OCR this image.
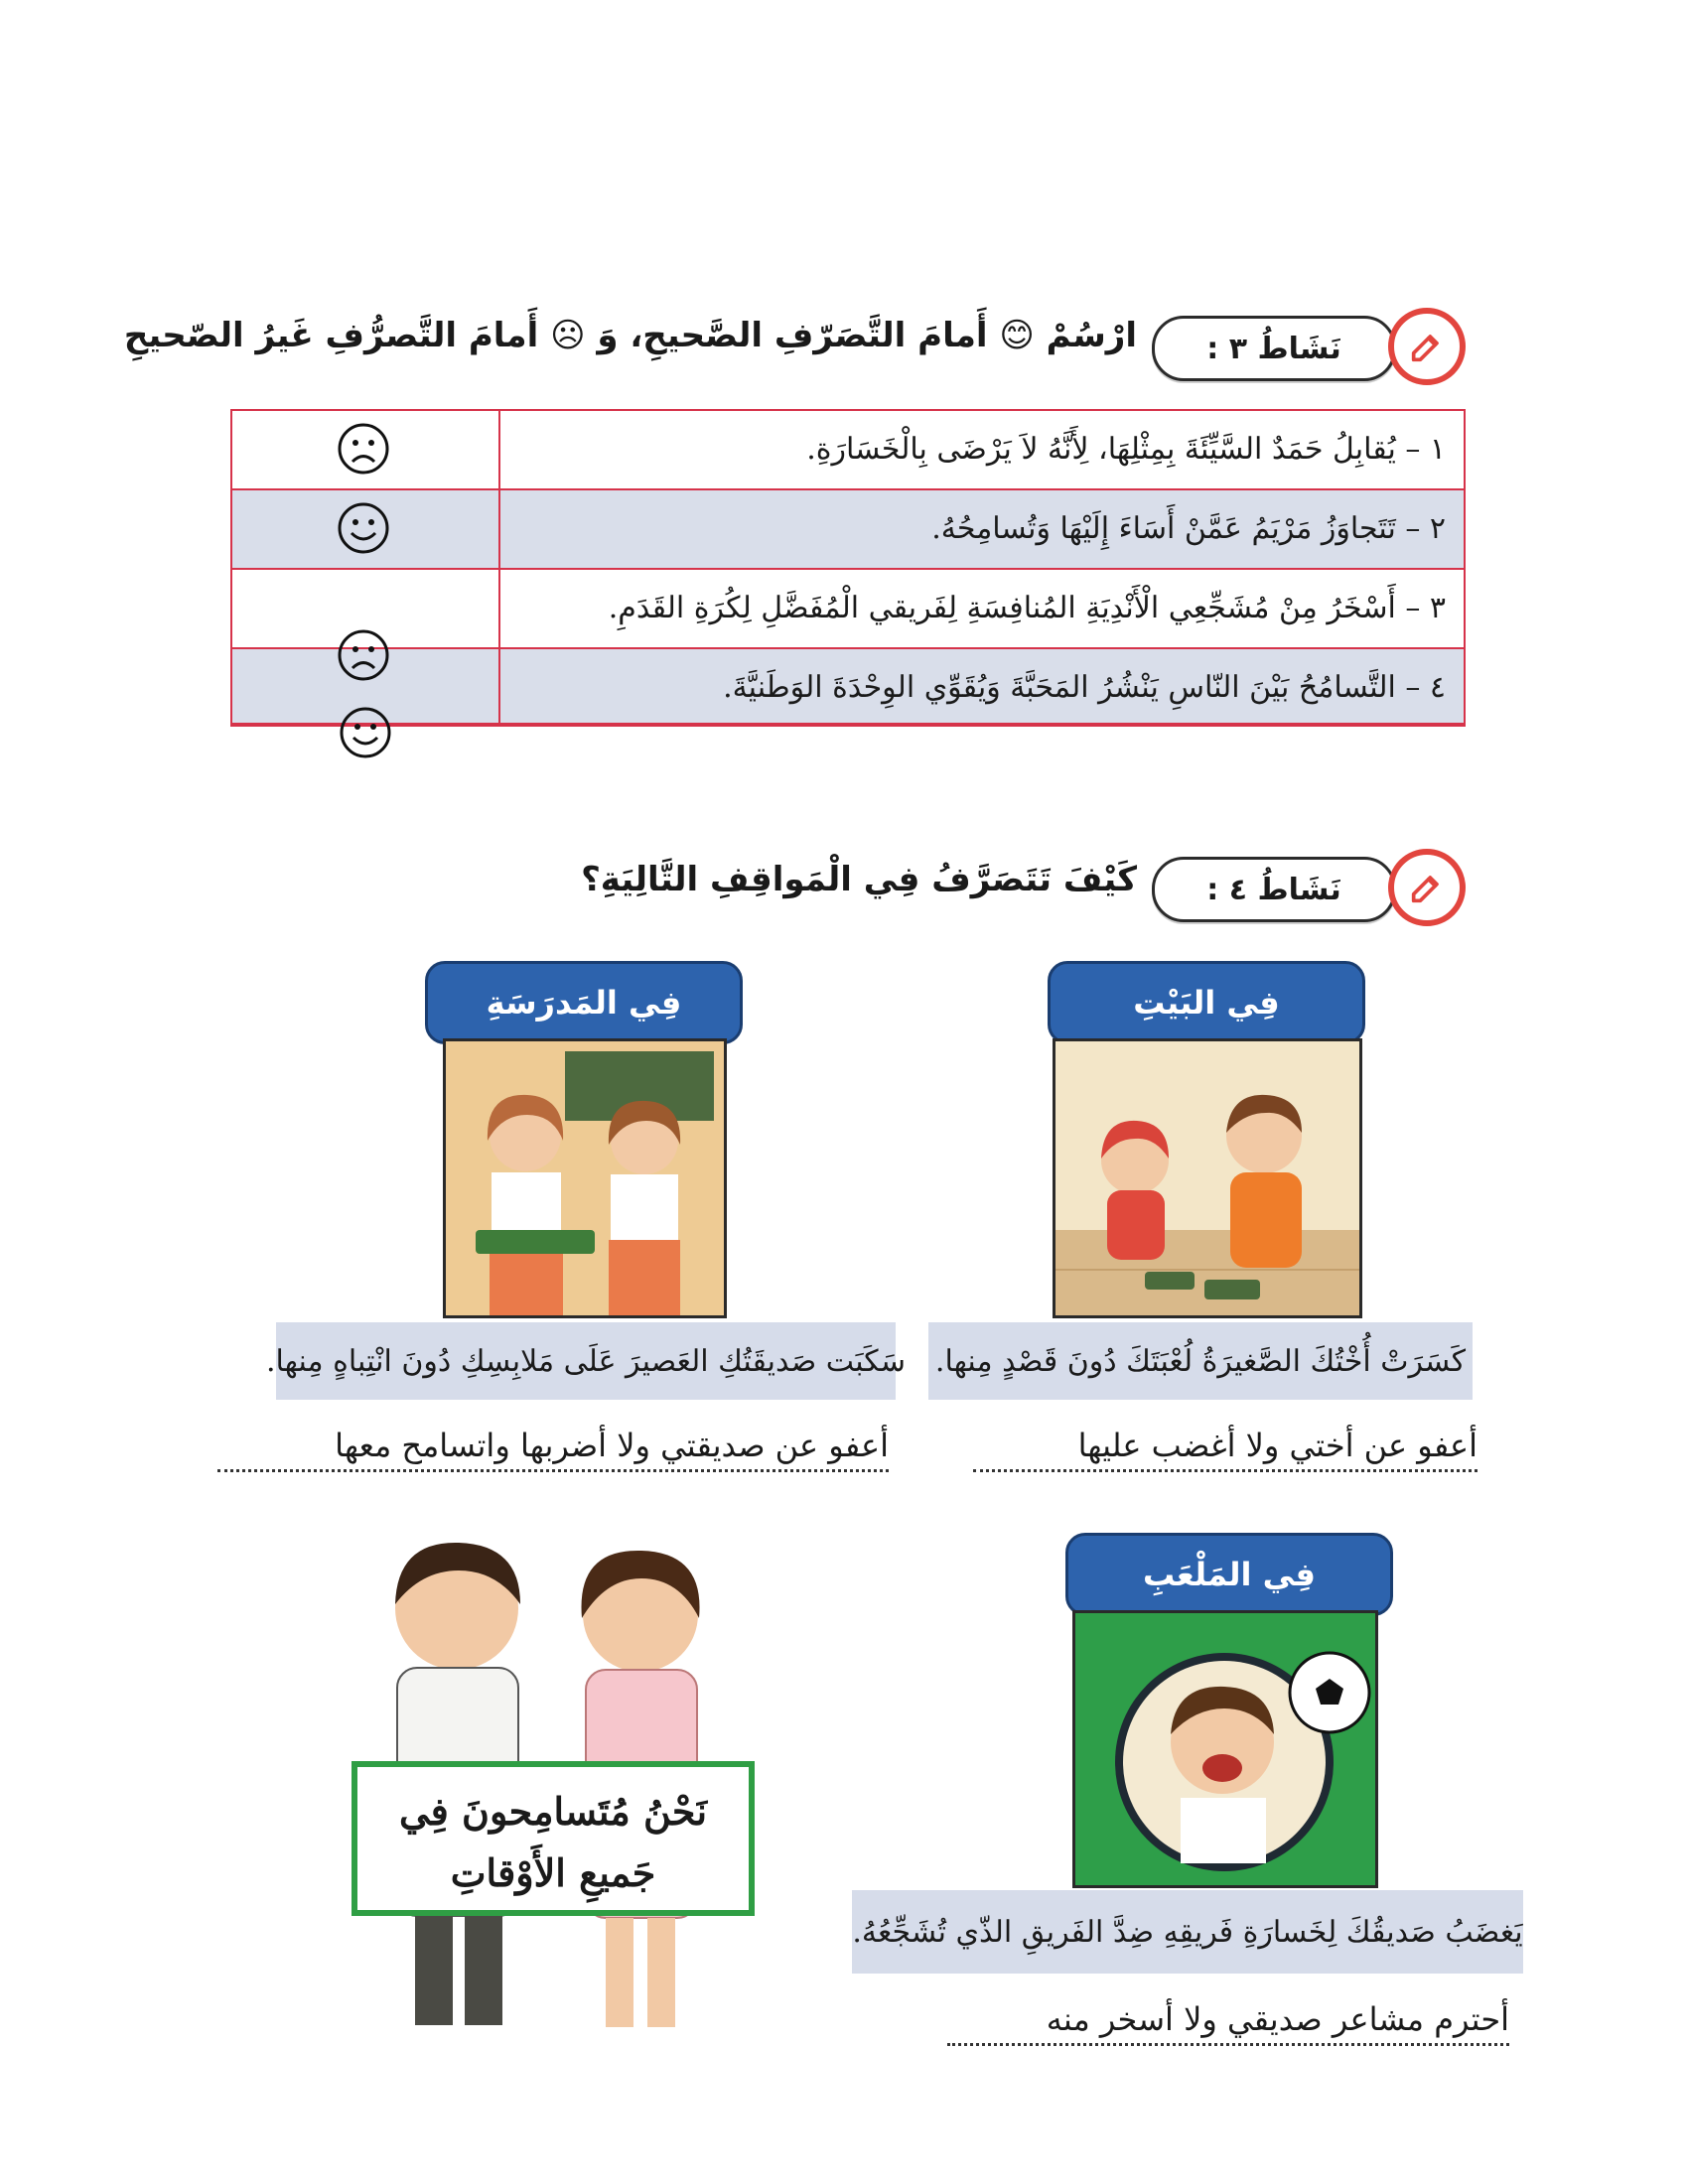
نَشَاطُ ٣ :
ارْسُمْ 😊 أَمامَ التَّصَرّفِ الصَّحيحِ، وَ ☹ أَمامَ التَّصرُّفِ غَيرُ الصّحيحِ
١ – يُقابِلُ حَمَدٌ السَّيِّئَةَ بِمِثْلِهَا، لِأَنَّهُ لاَ يَرْضَى بِالْخَسَارَةِ.
٢ – تَتَجاوَزُ مَرْيَمُ عَمَّنْ أَسَاءَ إِلَيْهَا وَتُسامِحُهُ.
٣ – أَسْخَرُ مِنْ مُشَجِّعِي الْأَنْدِيَةِ المُنافِسَةِ لِفَريقي الْمُفَضَّلِ لِكُرَةِ القَدَمِ.
٤ – التَّسامُحُ بَيْنَ النّاسِ يَنْشُرُ المَحَبَّةَ وَيُقَوِّي الوِحْدَةَ الوَطَنيَّةَ.
نَشَاطُ ٤ :
كَيْفَ تَتَصَرَّفُ فِي الْمَواقِفِ التَّالِيَةِ؟
فِي البَيْتِ
كَسَرَتْ أُخْتُكَ الصَّغيرَةُ لُعْبَتَكَ دُونَ قَصْدٍ مِنها.
أعفو عن أختي ولا أغضب عليها
فِي المَدرَسَةِ
سَكَبَت صَديقَتُكِ العَصيرَ عَلَى مَلابِسِكِ دُونَ انْتِباهٍ مِنها.
أعفو عن صديقتي ولا أضربها واتسامح معها
فِي المَلْعَبِ
يَغضَبُ صَديقُكَ لِخَسارَةِ فَريقِهِ ضِدَّ الفَريقِ الذّي تُشَجِّعُهُ.
أحترم مشاعر صديقي ولا أسخر منه
نَحْنُ مُتَسامِحونَ فِي
جَميعِ الأَوْقاتِ
